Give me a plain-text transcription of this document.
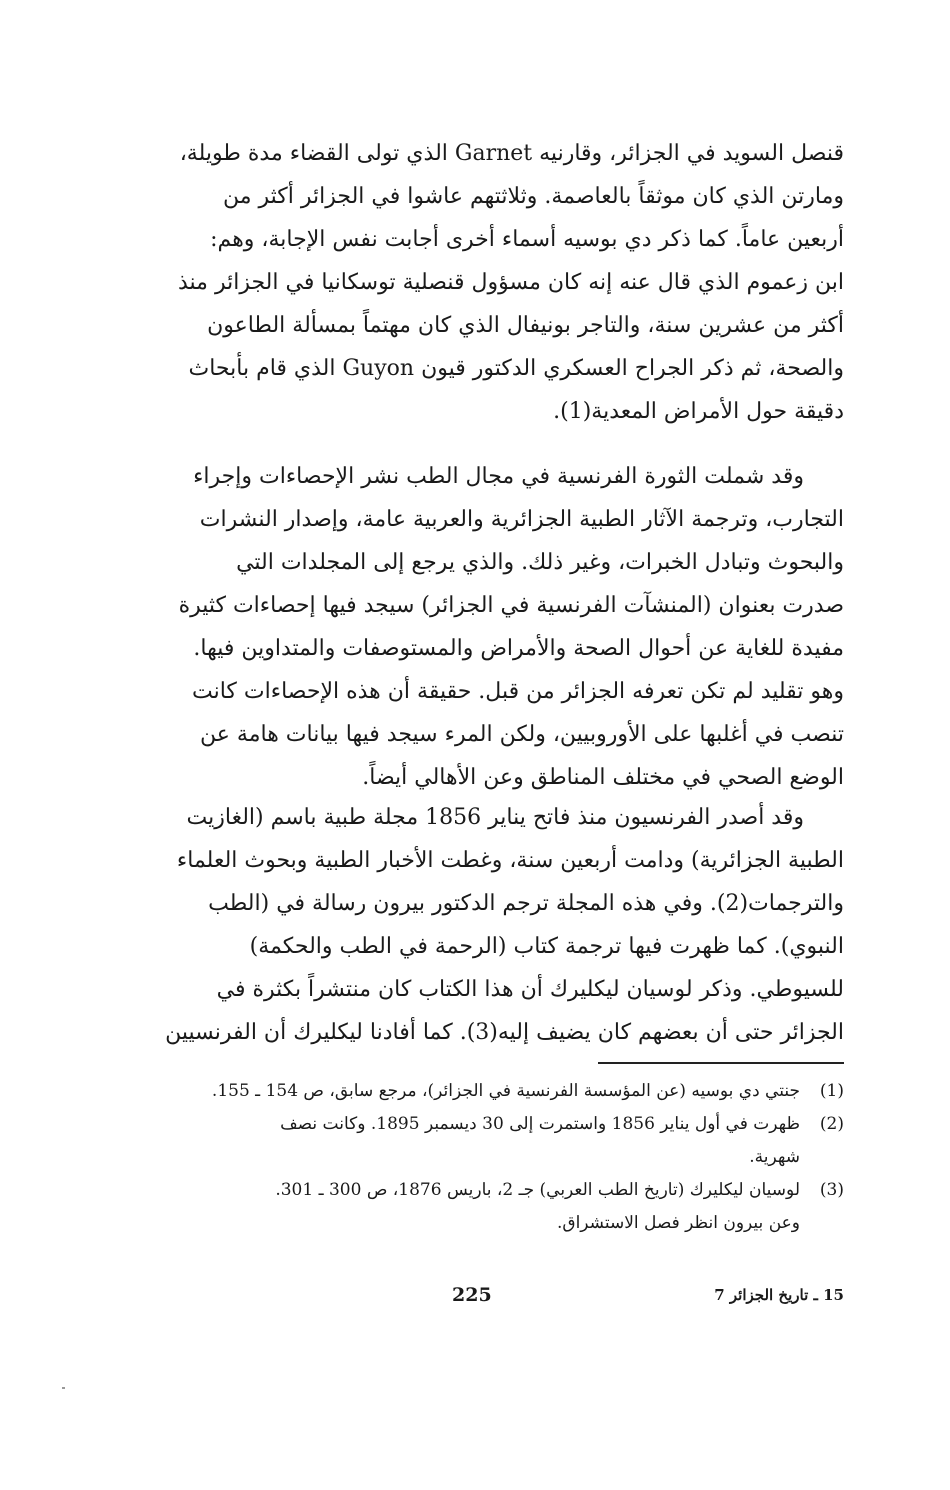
قنصل السويد في الجزائر، وقارنيه Garnet الذي تولى القضاء مدة طويلة،
ومارتن الذي كان موثقاً بالعاصمة. وثلاثتهم عاشوا في الجزائر أكثر من
أربعين عاماً. كما ذكر دي بوسيه أسماء أخرى أجابت نفس الإجابة، وهم:
ابن زعموم الذي قال عنه إنه كان مسؤول قنصلية توسكانيا في الجزائر منذ
أكثر من عشرين سنة، والتاجر بونيفال الذي كان مهتماً بمسألة الطاعون
والصحة، ثم ذكر الجراح العسكري الدكتور قيون Guyon الذي قام بأبحاث
دقيقة حول الأمراض المعدية(1).
وقد شملت الثورة الفرنسية في مجال الطب نشر الإحصاءات وإجراء
التجارب، وترجمة الآثار الطبية الجزائرية والعربية عامة، وإصدار النشرات
والبحوث وتبادل الخبرات، وغير ذلك. والذي يرجع إلى المجلدات التي
صدرت بعنوان (المنشآت الفرنسية في الجزائر) سيجد فيها إحصاءات كثيرة
مفيدة للغاية عن أحوال الصحة والأمراض والمستوصفات والمتداوين فيها.
وهو تقليد لم تكن تعرفه الجزائر من قبل. حقيقة أن هذه الإحصاءات كانت
تنصب في أغلبها على الأوروبيين، ولكن المرء سيجد فيها بيانات هامة عن
الوضع الصحي في مختلف المناطق وعن الأهالي أيضاً.
وقد أصدر الفرنسيون منذ فاتح يناير 1856 مجلة طبية باسم (الغازيت
الطبية الجزائرية) ودامت أربعين سنة، وغطت الأخبار الطبية وبحوث العلماء
والترجمات(2). وفي هذه المجلة ترجم الدكتور بيرون رسالة في (الطب
النبوي). كما ظهرت فيها ترجمة كتاب (الرحمة في الطب والحكمة)
للسيوطي. وذكر لوسيان ليكليرك أن هذا الكتاب كان منتشراً بكثرة في
الجزائر حتى أن بعضهم كان يضيف إليه(3). كما أفادنا ليكليرك أن الفرنسيين
(1)
جنتي دي بوسيه (عن المؤسسة الفرنسية في الجزائر)، مرجع سابق، ص 154 ـ 155.
(2)
ظهرت في أول يناير 1856 واستمرت إلى 30 ديسمبر 1895. وكانت نصف
شهرية.
(3)
لوسيان ليكليرك (تاريخ الطب العربي) جـ 2، باريس 1876، ص 300 ـ 301.
وعن بيرون انظر فصل الاستشراق.
225	15 ـ تاريخ الجزائر 7
